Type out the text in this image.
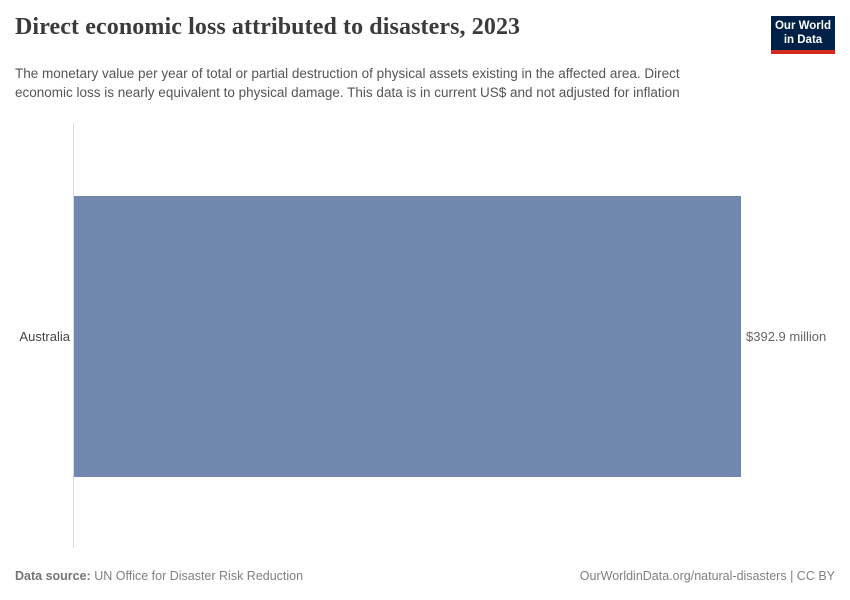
Direct economic loss attributed to disasters, 2023

The monetary value per year of total or partial destruction of physical assets existing in the affected area. Direct economic loss is nearly equivalent to physical damage. This data is in current US$ and not adjusted for inflation

Our World
in Data
Australia	$392.9 million
Data source: UN Office for Disaster Risk Reduction	OurWorldinData.org/natural-disasters | CC BY
